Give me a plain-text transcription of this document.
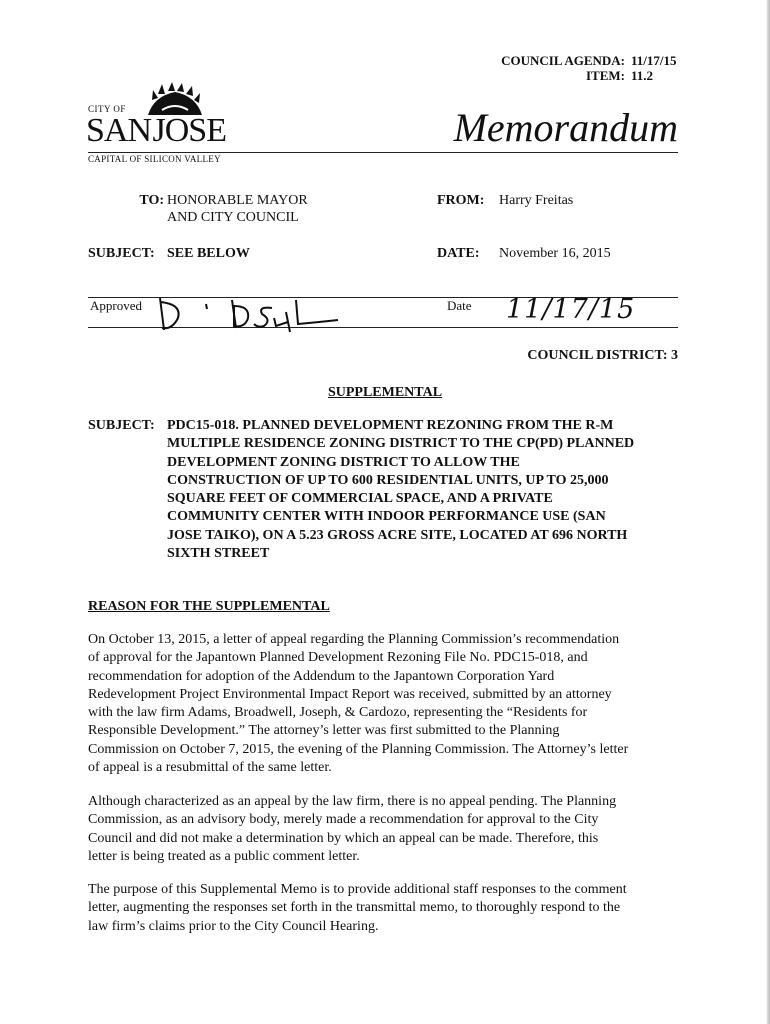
COUNCIL AGENDA: 11/17/15
ITEM: 11.2
CITY OF
SAN JOSE
CAPITAL OF SILICON VALLEY
Memorandum
TO: HONORABLE MAYOR
AND CITY COUNCIL
FROM: Harry Freitas
SUBJECT: SEE BELOW	DATE: November 16, 2015
Approved	Date 11/17/15
COUNCIL DISTRICT: 3
SUPPLEMENTAL
SUBJECT: PDC15-018. PLANNED DEVELOPMENT REZONING FROM THE R-M
MULTIPLE RESIDENCE ZONING DISTRICT TO THE CP(PD) PLANNED
DEVELOPMENT ZONING DISTRICT TO ALLOW THE
CONSTRUCTION OF UP TO 600 RESIDENTIAL UNITS, UP TO 25,000
SQUARE FEET OF COMMERCIAL SPACE, AND A PRIVATE
COMMUNITY CENTER WITH INDOOR PERFORMANCE USE (SAN
JOSE TAIKO), ON A 5.23 GROSS ACRE SITE, LOCATED AT 696 NORTH
SIXTH STREET
REASON FOR THE SUPPLEMENTAL
On October 13, 2015, a letter of appeal regarding the Planning Commission’s recommendation
of approval for the Japantown Planned Development Rezoning File No. PDC15-018, and
recommendation for adoption of the Addendum to the Japantown Corporation Yard
Redevelopment Project Environmental Impact Report was received, submitted by an attorney
with the law firm Adams, Broadwell, Joseph, & Cardozo, representing the “Residents for
Responsible Development.” The attorney’s letter was first submitted to the Planning
Commission on October 7, 2015, the evening of the Planning Commission. The Attorney’s letter
of appeal is a resubmittal of the same letter.
Although characterized as an appeal by the law firm, there is no appeal pending. The Planning
Commission, as an advisory body, merely made a recommendation for approval to the City
Council and did not make a determination by which an appeal can be made. Therefore, this
letter is being treated as a public comment letter.
The purpose of this Supplemental Memo is to provide additional staff responses to the comment
letter, augmenting the responses set forth in the transmittal memo, to thoroughly respond to the
law firm’s claims prior to the City Council Hearing.
